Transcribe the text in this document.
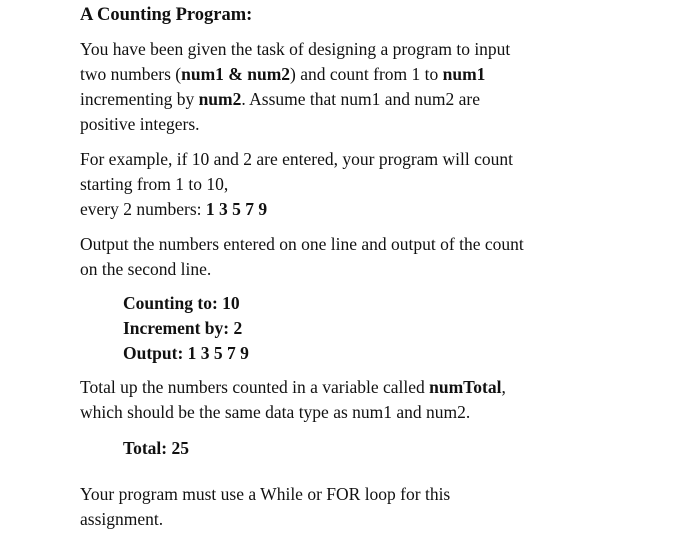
A Counting Program:
You have been given the task of designing a program to input
two numbers (num1 & num2) and count from 1 to num1
incrementing by num2. Assume that num1 and num2 are
positive integers.
For example, if 10 and 2 are entered, your program will count
starting from 1 to 10,
every 2 numbers: 1 3 5 7 9
Output the numbers entered on one line and output of the count
on the second line.
Counting to: 10
Increment by: 2
Output: 1 3 5 7 9
Total up the numbers counted in a variable called numTotal,
which should be the same data type as num1 and num2.
Total: 25
Your program must use a While or FOR loop for this
assignment.
